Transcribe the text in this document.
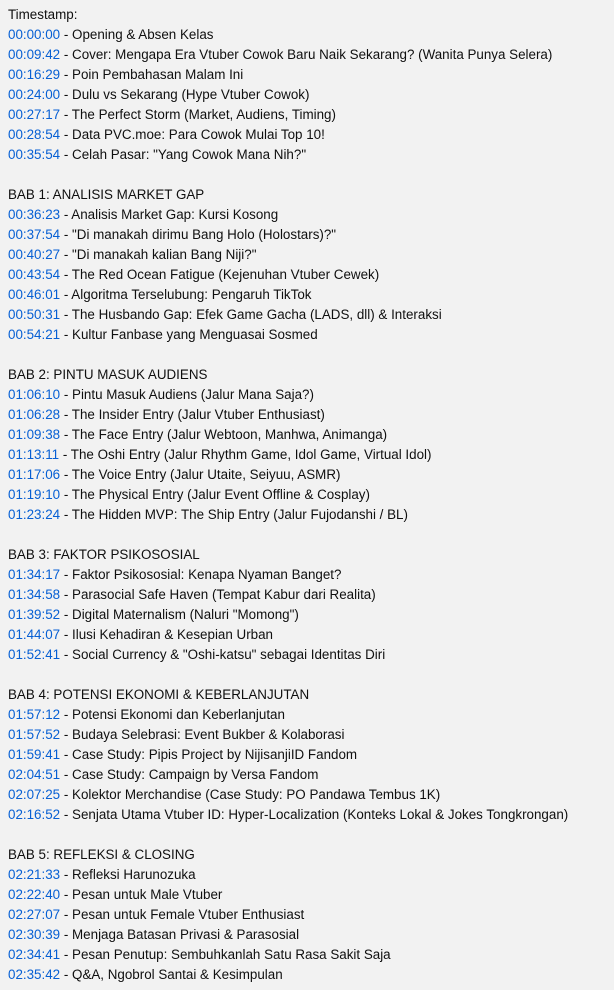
Timestamp:
00:00:00 - Opening & Absen Kelas
00:09:42 - Cover: Mengapa Era Vtuber Cowok Baru Naik Sekarang? (Wanita Punya Selera)
00:16:29 - Poin Pembahasan Malam Ini
00:24:00 - Dulu vs Sekarang (Hype Vtuber Cowok)
00:27:17 - The Perfect Storm (Market, Audiens, Timing)
00:28:54 - Data PVC.moe: Para Cowok Mulai Top 10!
00:35:54 - Celah Pasar: "Yang Cowok Mana Nih?"
BAB 1: ANALISIS MARKET GAP
00:36:23 - Analisis Market Gap: Kursi Kosong
00:37:54 - "Di manakah dirimu Bang Holo (Holostars)?"
00:40:27 - "Di manakah kalian Bang Niji?"
00:43:54 - The Red Ocean Fatigue (Kejenuhan Vtuber Cewek)
00:46:01 - Algoritma Terselubung: Pengaruh TikTok
00:50:31 - The Husbando Gap: Efek Game Gacha (LADS, dll) & Interaksi
00:54:21 - Kultur Fanbase yang Menguasai Sosmed
BAB 2: PINTU MASUK AUDIENS
01:06:10 - Pintu Masuk Audiens (Jalur Mana Saja?)
01:06:28 - The Insider Entry (Jalur Vtuber Enthusiast)
01:09:38 - The Face Entry (Jalur Webtoon, Manhwa, Animanga)
01:13:11 - The Oshi Entry (Jalur Rhythm Game, Idol Game, Virtual Idol)
01:17:06 - The Voice Entry (Jalur Utaite, Seiyuu, ASMR)
01:19:10 - The Physical Entry (Jalur Event Offline & Cosplay)
01:23:24 - The Hidden MVP: The Ship Entry (Jalur Fujodanshi / BL)
BAB 3: FAKTOR PSIKOSOSIAL
01:34:17 - Faktor Psikososial: Kenapa Nyaman Banget?
01:34:58 - Parasocial Safe Haven (Tempat Kabur dari Realita)
01:39:52 - Digital Maternalism (Naluri "Momong")
01:44:07 - Ilusi Kehadiran & Kesepian Urban
01:52:41 - Social Currency & "Oshi-katsu" sebagai Identitas Diri
BAB 4: POTENSI EKONOMI & KEBERLANJUTAN
01:57:12 - Potensi Ekonomi dan Keberlanjutan
01:57:52 - Budaya Selebrasi: Event Bukber & Kolaborasi
01:59:41 - Case Study: Pipis Project by NijisanjiID Fandom
02:04:51 - Case Study: Campaign by Versa Fandom
02:07:25 - Kolektor Merchandise (Case Study: PO Pandawa Tembus 1K)
02:16:52 - Senjata Utama Vtuber ID: Hyper-Localization (Konteks Lokal & Jokes Tongkrongan)
BAB 5: REFLEKSI & CLOSING
02:21:33 - Refleksi Harunozuka
02:22:40 - Pesan untuk Male Vtuber
02:27:07 - Pesan untuk Female Vtuber Enthusiast
02:30:39 - Menjaga Batasan Privasi & Parasosial
02:34:41 - Pesan Penutup: Sembuhkanlah Satu Rasa Sakit Saja
02:35:42 - Q&A, Ngobrol Santai & Kesimpulan
